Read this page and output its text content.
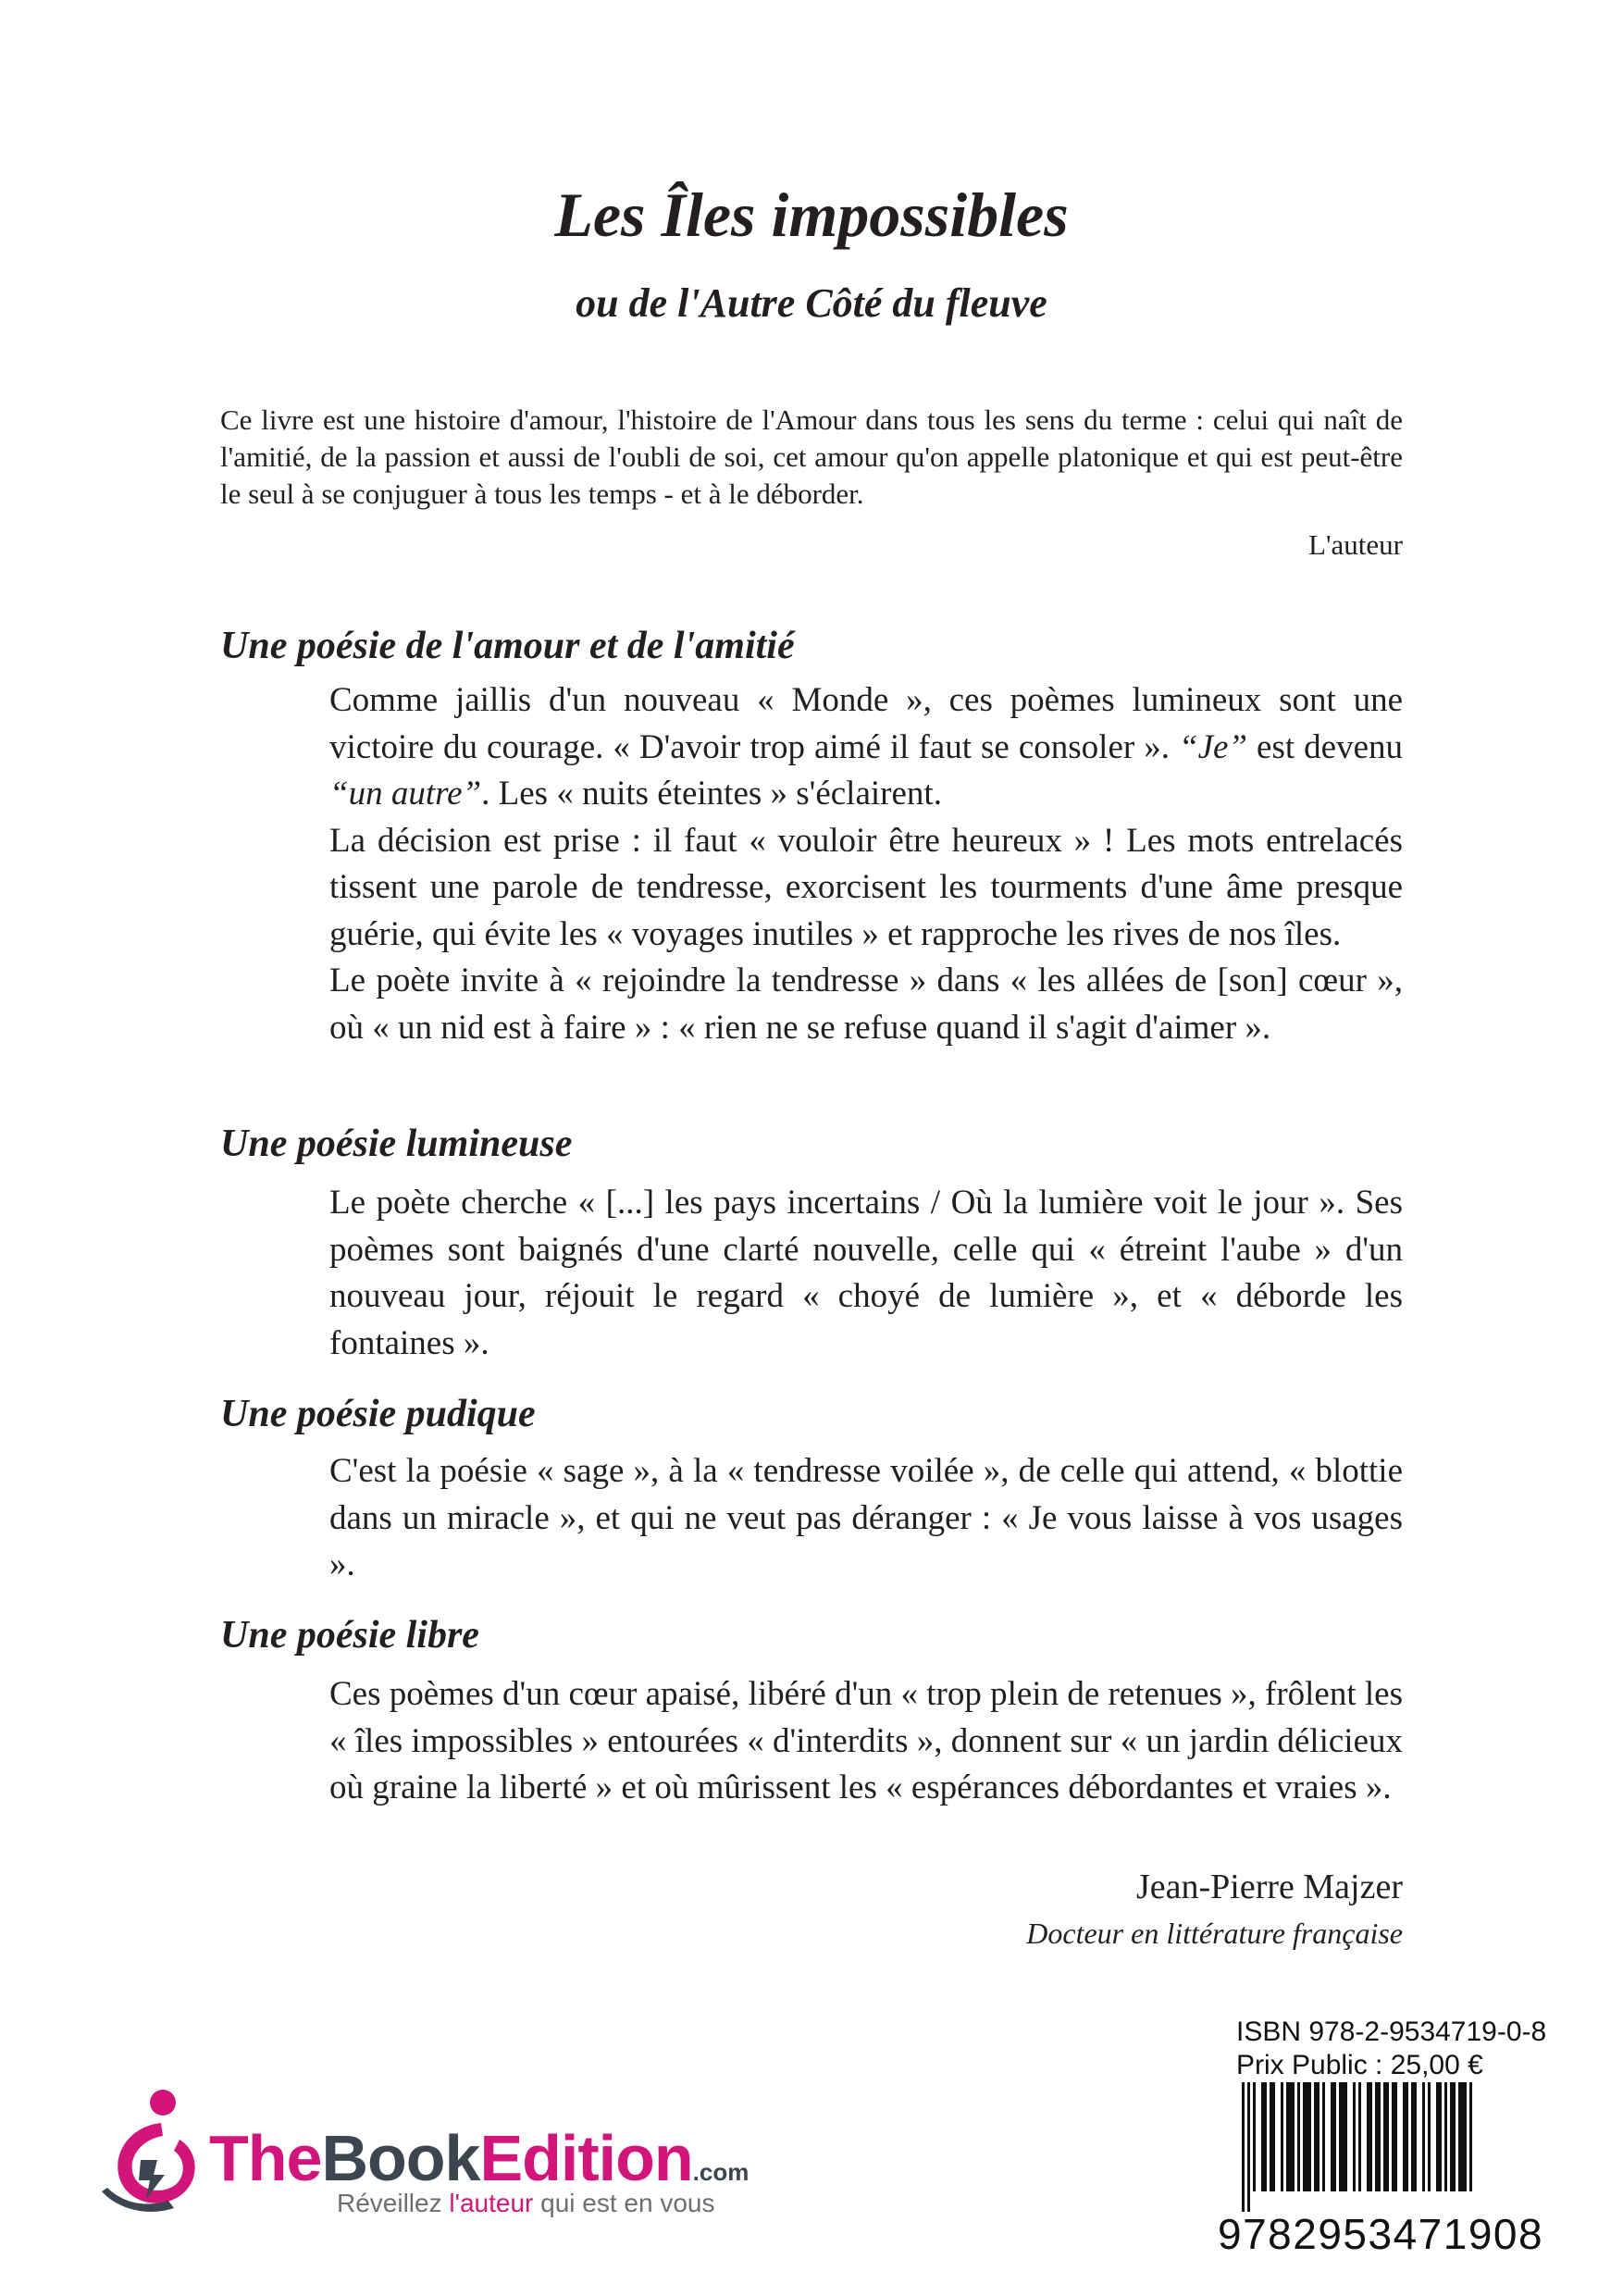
Les Îles impossibles
ou de l'Autre Côté du fleuve

Ce livre est une histoire d'amour, l'histoire de l'Amour dans tous les sens du terme : celui qui naît de l'amitié, de la passion et aussi de l'oubli de soi, cet amour qu'on appelle platonique et qui est peut-être le seul à se conjuguer à tous les temps - et à le déborder.

L'auteur

Une poésie de l'amour et de l'amitié

Comme jaillis d'un nouveau « Monde », ces poèmes lumineux sont une victoire du courage. « D'avoir trop aimé il faut se consoler ». “Je” est devenu “un autre”. Les « nuits éteintes » s'éclairent.

La décision est prise : il faut « vouloir être heureux » ! Les mots entrelacés tissent une parole de tendresse, exorcisent les tourments d'une âme presque guérie, qui évite les « voyages inutiles » et rapproche les rives de nos îles.

Le poète invite à « rejoindre la tendresse » dans « les allées de [son] cœur », où « un nid est à faire » : « rien ne se refuse quand il s'agit d'aimer ».

Une poésie lumineuse

Le poète cherche « [...] les pays incertains / Où la lumière voit le jour ». Ses poèmes sont baignés d'une clarté nouvelle, celle qui « étreint l'aube » d'un nouveau jour, réjouit le regard « choyé de lumière », et « déborde les fontaines ».

Une poésie pudique

C'est la poésie « sage », à la « tendresse voilée », de celle qui attend, « blottie dans un miracle », et qui ne veut pas déranger : « Je vous laisse à vos usages ».

Une poésie libre

Ces poèmes d'un cœur apaisé, libéré d'un « trop plein de retenues », frôlent les « îles impossibles » entourées « d'interdits », donnent sur « un jardin délicieux où graine la liberté » et où mûrissent les « espérances débordantes et vraies ».

Jean-Pierre Majzer

Docteur en littérature française

ISBN 978-2-9534719-0-8
Prix Public : 25,00 €
9782953471908
TheBookEdition.com
Réveillez l'auteur qui est en vous
